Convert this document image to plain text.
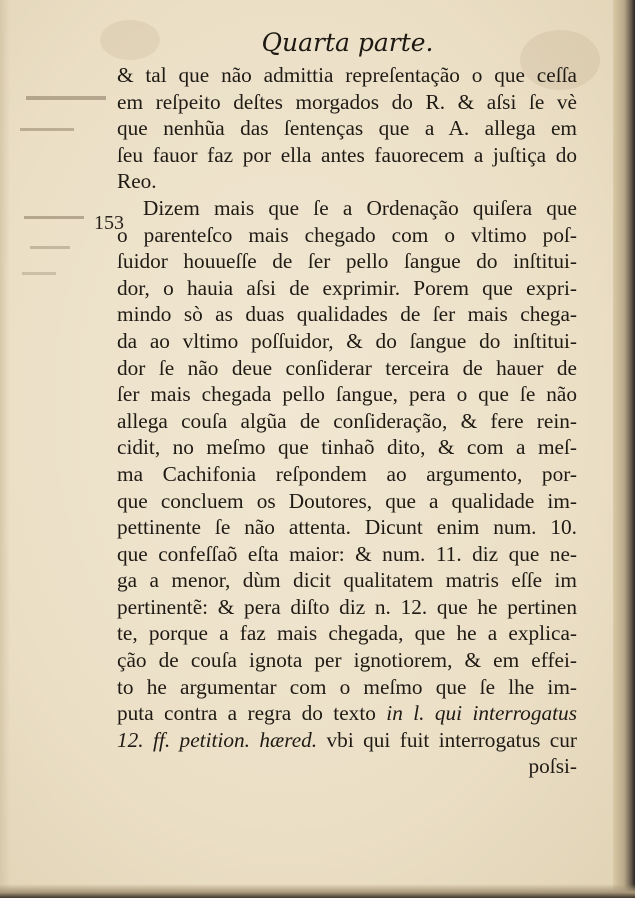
Quarta parte.
153
& tal que não admittia repreſentação o que ceſſa
em reſpeito deſtes morgados do R. & aſsi ſe vè
que nenhũa das ſentenças que a A. allega em
ſeu fauor faz por ella antes fauorecem a juſtiça do
Reo.
Dizem mais que ſe a Ordenação quiſera que
o parenteſco mais chegado com o vltimo poſ-
ſuidor houueſſe de ſer pello ſangue do inſtitui-
dor, o hauia aſsi de exprimir. Porem que expri-
mindo sò as duas qualidades de ſer mais chega-
da ao vltimo poſſuidor, & do ſangue do inſtitui-
dor ſe não deue conſiderar terceira de hauer de
ſer mais chegada pello ſangue, pera o que ſe não
allega couſa algũa de conſideração, & fere rein-
cidit, no meſmo que tinhaõ dito, & com a meſ-
ma Cachifonia reſpondem ao argumento, por-
que concluem os Doutores, que a qualidade im-
pettinente ſe não attenta. Dicunt enim num. 10.
que confeſſaõ eſta maior: & num. 11. diz que ne-
ga a menor, dùm dicit qualitatem matris eſſe im
pertinentẽ: & pera diſto diz n. 12. que he pertinen
te, porque a faz mais chegada, que he a explica-
ção de couſa ignota per ignotiorem, & em effei-
to he argumentar com o meſmo que ſe lhe im-
puta contra a regra do texto in l. qui interrogatus
12. ff. petition. hæred. vbi qui fuit interrogatus cur
poſsi-
